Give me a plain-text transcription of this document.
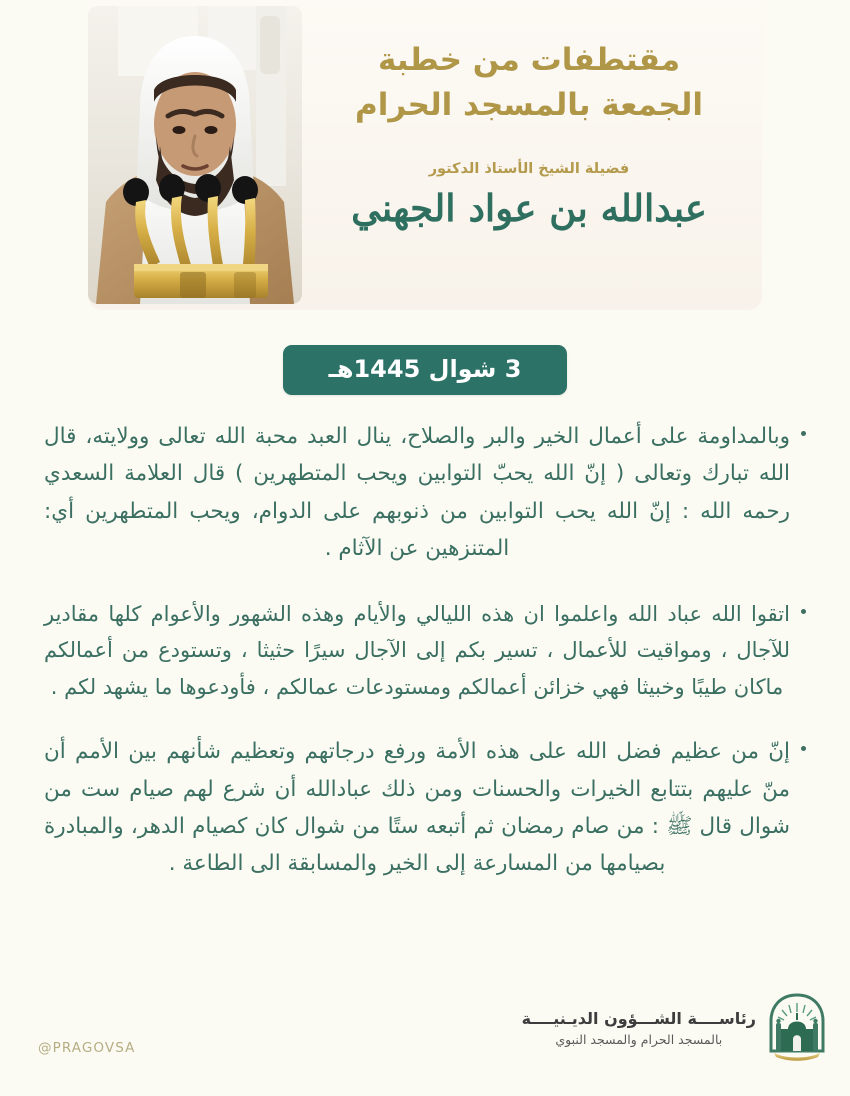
مقتطفات من خطبة
الجمعة بالمسجد الحرام
فضيلة الشيخ الأستاذ الدكتور
عبدالله بن عواد الجهني
3 شوال 1445هـ
وبالمداومة على أعمال الخير والبر والصلاح، ينال العبد محبة الله تعالى وولايته، قال الله تبارك وتعالى ( إنّ الله يحبّ التوابين ويحب المتطهرين ) قال العلامة السعدي رحمه الله : إنّ الله يحب التوابين من ذنوبهم على الدوام، ويحب المتطهرين أي: المتنزهين عن الآثام .
اتقوا الله عباد الله واعلموا ان هذه الليالي والأيام وهذه الشهور والأعوام كلها مقادير للآجال ، ومواقيت للأعمال ، تسير بكم إلى الآجال سيرًا حثيثا ، وتستودع من أعمالكم ماكان طيبًا وخبيثا فهي خزائن أعمالكم ومستودعات عمالكم ، فأودعوها ما يشهد لكم .
إنّ من عظيم فضل الله على هذه الأمة ورفع درجاتهم وتعظيم شأنهم بين الأمم أن منّ عليهم بتتابع الخيرات والحسنات ومن ذلك عبادالله أن شرع لهم صيام ست من شوال قال ﷺ : من صام رمضان ثم أتبعه ستًا من شوال كان كصيام الدهر، والمبادرة بصيامها من المسارعة إلى الخير والمسابقة الى الطاعة .
@PRAGOVSA
رئاســــة الشـــؤون الديـنيــــة
بالمسجد الحرام والمسجد النبوي
